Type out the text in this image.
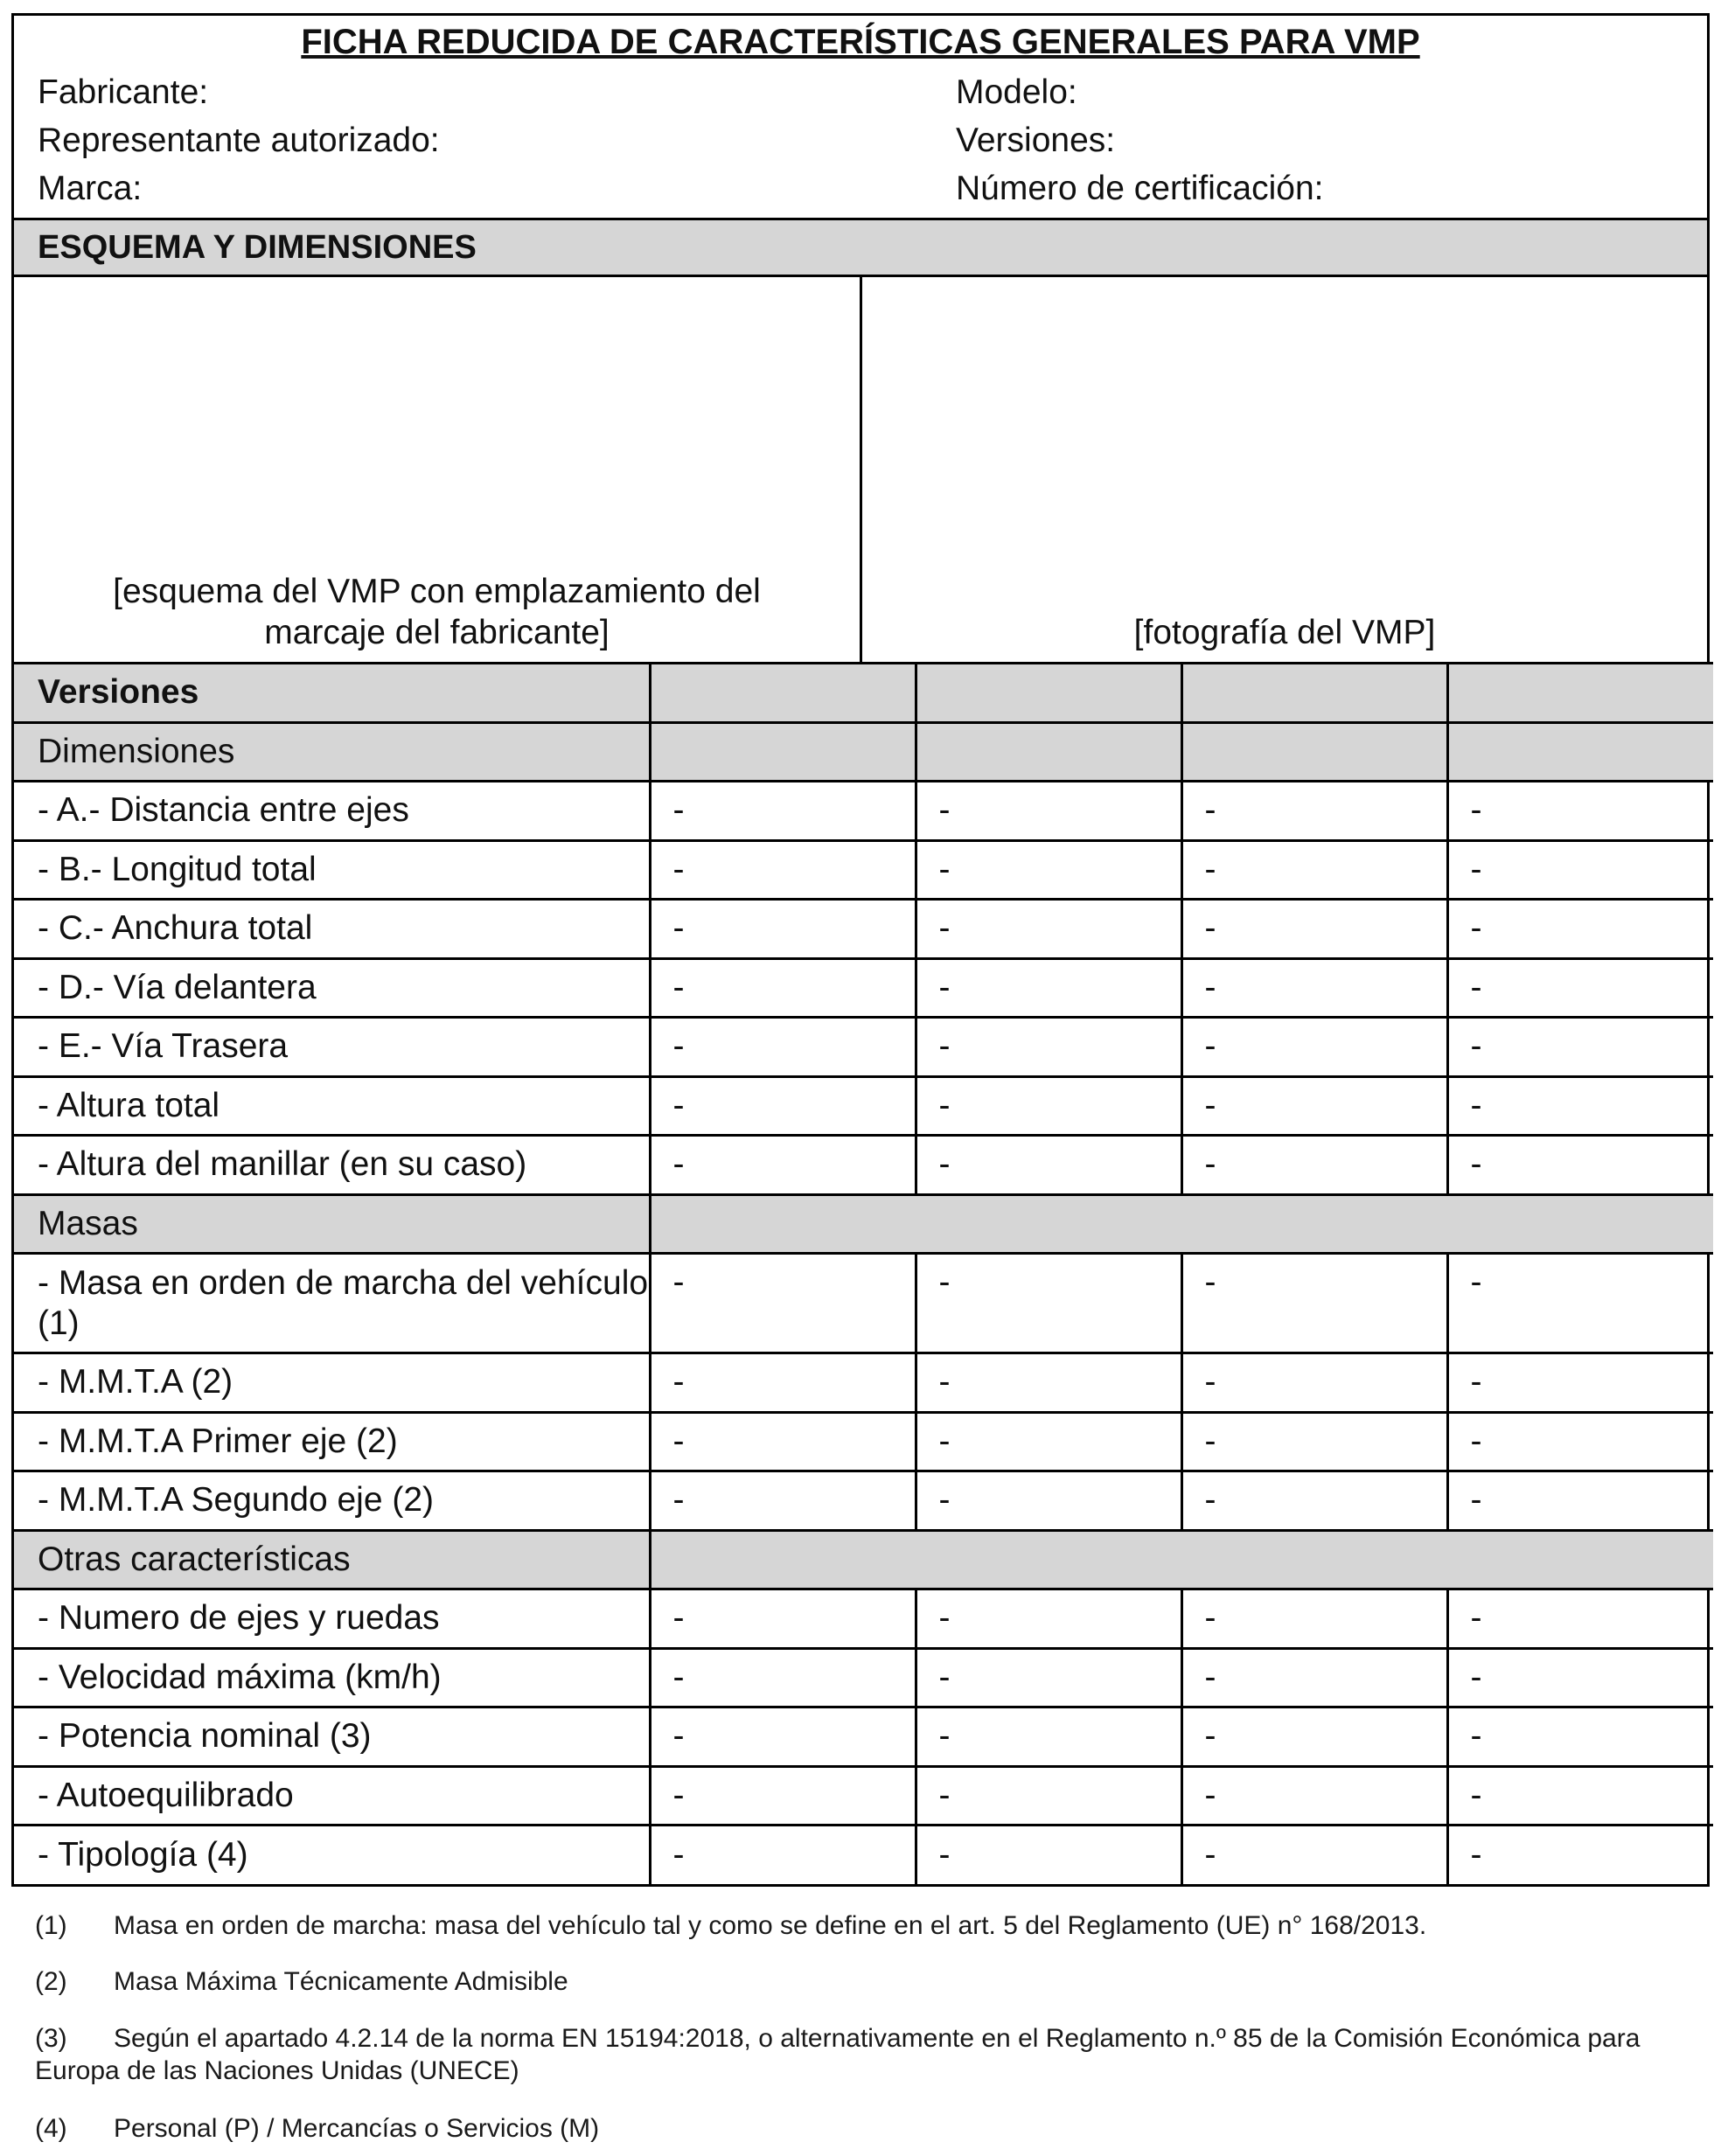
FICHA REDUCIDA DE CARACTERÍSTICAS GENERALES PARA VMP
Fabricante:	Modelo:
Representante autorizado:	Versiones:
Marca:	Número de certificación:
ESQUEMA Y DIMENSIONES
[esquema del VMP con emplazamiento del
marcaje del fabricante]	[fotografía del VMP]
Versiones				
Dimensiones				
- A.- Distancia entre ejes	-	-	-	-
- B.- Longitud total	-	-	-	-
- C.- Anchura total	-	-	-	-
- D.- Vía delantera	-	-	-	-
- E.- Vía Trasera	-	-	-	-
- Altura total	-	-	-	-
- Altura del manillar (en su caso)	-	-	-	-
Masas				
- Masa en orden de marcha del vehículo (1)	-	-	-	-
- M.M.T.A (2)	-	-	-	-
- M.M.T.A Primer eje (2)	-	-	-	-
- M.M.T.A Segundo eje (2)	-	-	-	-
Otras características				
- Numero de ejes y ruedas	-	-	-	-
- Velocidad máxima (km/h)	-	-	-	-
- Potencia nominal (3)	-	-	-	-
- Autoequilibrado	-	-	-	-
- Tipología (4)	-	-	-	-
(1) Masa en orden de marcha: masa del vehículo tal y como se define en el art. 5 del Reglamento (UE) n° 168/2013.
(2) Masa Máxima Técnicamente Admisible
(3) Según el apartado 4.2.14 de la norma EN 15194:2018, o alternativamente en el Reglamento n.º 85 de la Comisión Económica para Europa de las Naciones Unidas (UNECE)
(4) Personal (P) / Mercancías o Servicios (M)
